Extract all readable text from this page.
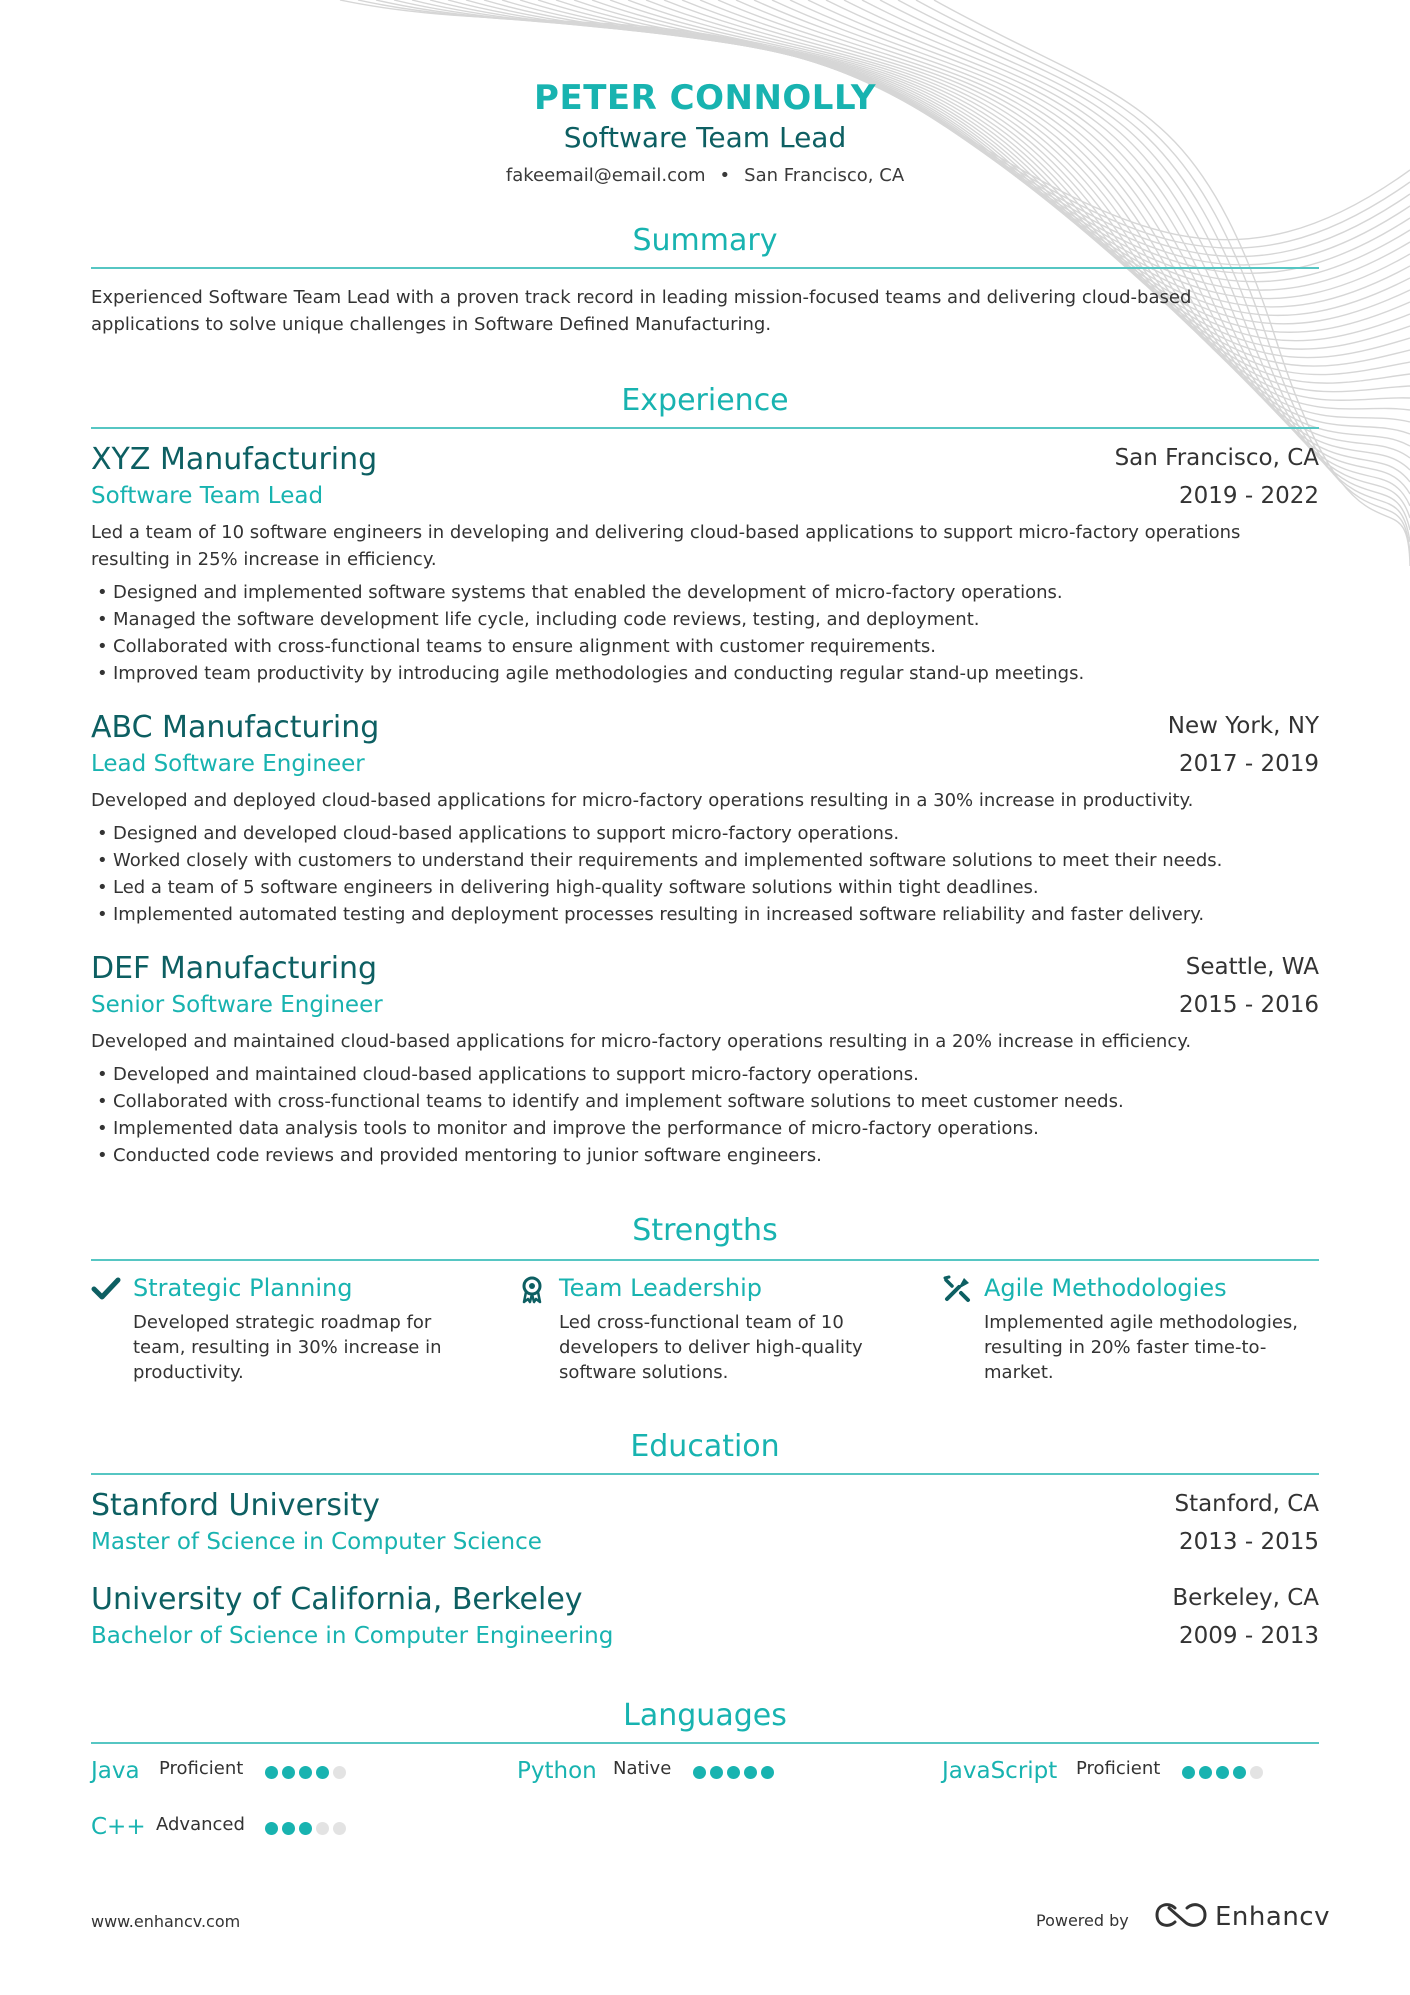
PETER CONNOLLY
Software Team Lead
fakeemail@email.com • San Francisco, CA
Summary
Experienced Software Team Lead with a proven track record in leading mission-focused teams and delivering cloud-based applications to solve unique challenges in Software Defined Manufacturing.
Experience
XYZ Manufacturing
Software Team Lead
San Francisco, CA
2019 - 2022
Led a team of 10 software engineers in developing and delivering cloud-based applications to support micro-factory operations resulting in 25% increase in efficiency.
• Designed and implemented software systems that enabled the development of micro-factory operations.
• Managed the software development life cycle, including code reviews, testing, and deployment.
• Collaborated with cross-functional teams to ensure alignment with customer requirements.
• Improved team productivity by introducing agile methodologies and conducting regular stand-up meetings.
ABC Manufacturing
Lead Software Engineer
New York, NY
2017 - 2019
Developed and deployed cloud-based applications for micro-factory operations resulting in a 30% increase in productivity.
• Designed and developed cloud-based applications to support micro-factory operations.
• Worked closely with customers to understand their requirements and implemented software solutions to meet their needs.
• Led a team of 5 software engineers in delivering high-quality software solutions within tight deadlines.
• Implemented automated testing and deployment processes resulting in increased software reliability and faster delivery.
DEF Manufacturing
Senior Software Engineer
Seattle, WA
2015 - 2016
Developed and maintained cloud-based applications for micro-factory operations resulting in a 20% increase in efficiency.
• Developed and maintained cloud-based applications to support micro-factory operations.
• Collaborated with cross-functional teams to identify and implement software solutions to meet customer needs.
• Implemented data analysis tools to monitor and improve the performance of micro-factory operations.
• Conducted code reviews and provided mentoring to junior software engineers.
Strengths
Strategic Planning
Developed strategic roadmap for team, resulting in 30% increase in productivity.
Team Leadership
Led cross-functional team of 10 developers to deliver high-quality software solutions.
Agile Methodologies
Implemented agile methodologies, resulting in 20% faster time-to-market.
Education
Stanford University
Master of Science in Computer Science
Stanford, CA
2013 - 2015
University of California, Berkeley
Bachelor of Science in Computer Engineering
Berkeley, CA
2009 - 2013
Languages
Java Proficient	Python Native	JavaScript Proficient
C++ Advanced
www.enhancv.com	Powered by	Enhancv
